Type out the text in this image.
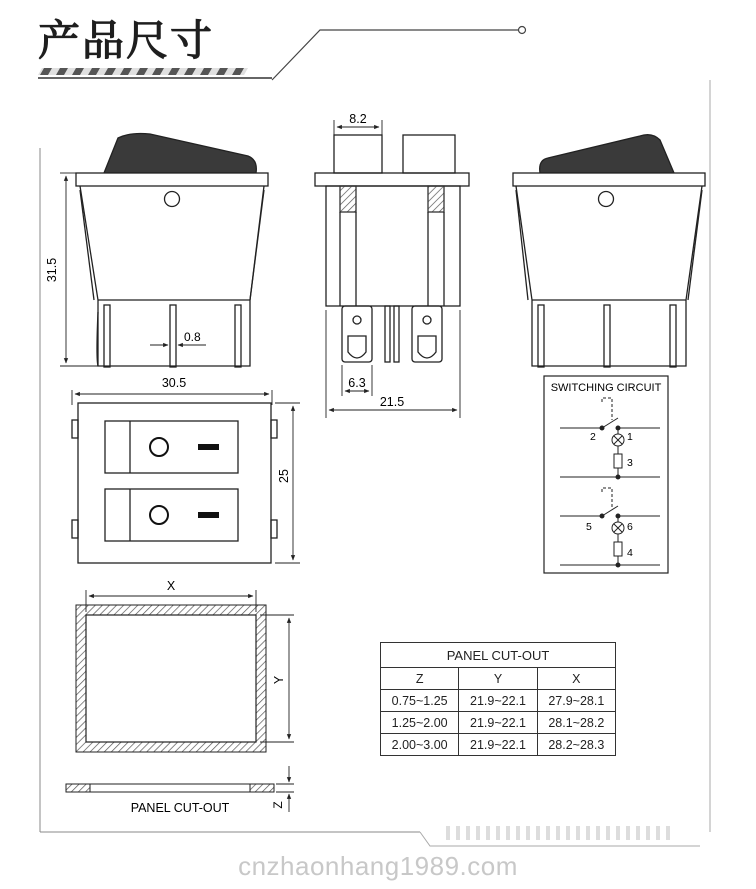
产品尺寸
31.5
0.8
30.5
8.2
6.3
21.5
25
SWITCHING CIRCUIT
2	1
3
5	6
4
X
Y
PANEL CUT-OUT	Z
PANEL CUT-OUT		
Z	Y	X
0.75~1.25	21.9~22.1	27.9~28.1
1.25~2.00	21.9~22.1	28.1~28.2
2.00~3.00	21.9~22.1	28.2~28.3
cnzhaonhang1989.com
